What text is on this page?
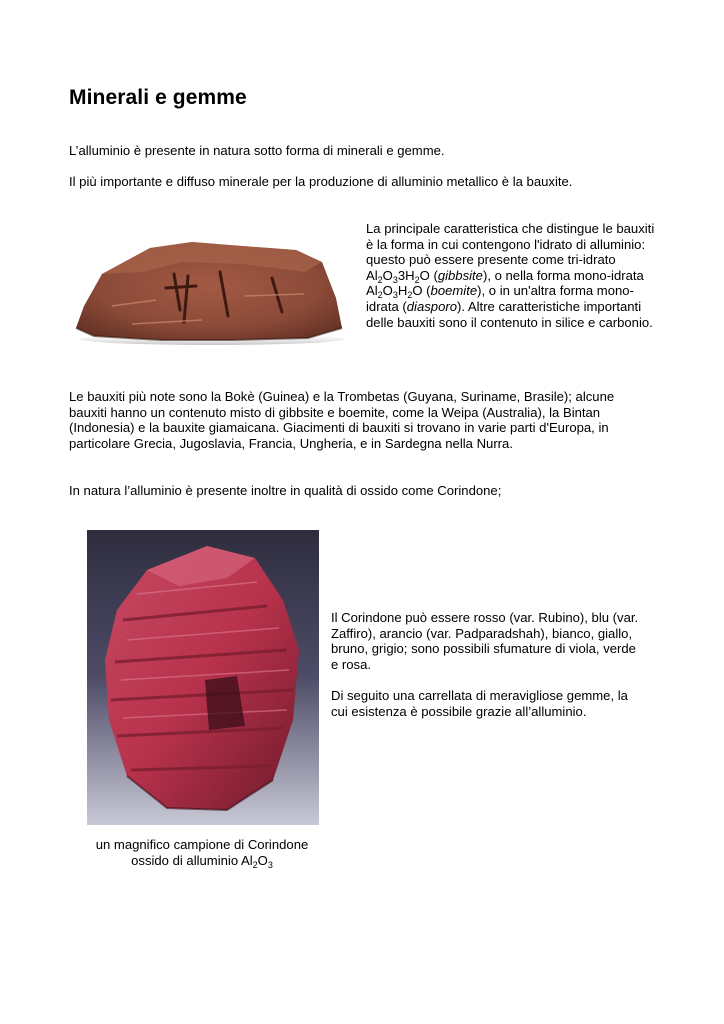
Minerali e gemme

L’alluminio è presente in natura sotto forma di minerali e gemme.

Il più importante e diffuso minerale per la produzione di alluminio metallico è la bauxite.

La principale caratteristica che distingue le bauxiti è la forma in cui contengono l'idrato di alluminio: questo può essere presente come tri-idrato $Al_2O_33H_2O$ (gibbsite), o nella forma mono-idrata $Al_2O_3H_2O$ (boemite), o in un'altra forma mono- idrata (diasporo). Altre caratteristiche importanti delle bauxiti sono il contenuto in silice e carbonio.

Le bauxiti più note sono la Bokè (Guinea) e la Trombetas (Guyana, Suriname, Brasile); alcune bauxiti hanno un contenuto misto di gibbsite e boemite, come la Weipa (Australia), la Bintan (Indonesia) e la bauxite giamaicana. Giacimenti di bauxiti si trovano in varie parti d'Europa, in particolare Grecia, Jugoslavia, Francia, Ungheria, e in Sardegna nella Nurra.

In natura l’alluminio è presente inoltre in qualità di ossido come Corindone;

Il Corindone può essere rosso (var. Rubino), blu (var. Zaffiro), arancio (var. Padparadshah), bianco, giallo, bruno, grigio; sono possibili sfumature di viola, verde e rosa.

Di seguito una carrellata di meravigliose gemme, la cui esistenza è possibile grazie all’alluminio.

un magnifico campione di Corindone
ossido di alluminio $Al_2O_3$
